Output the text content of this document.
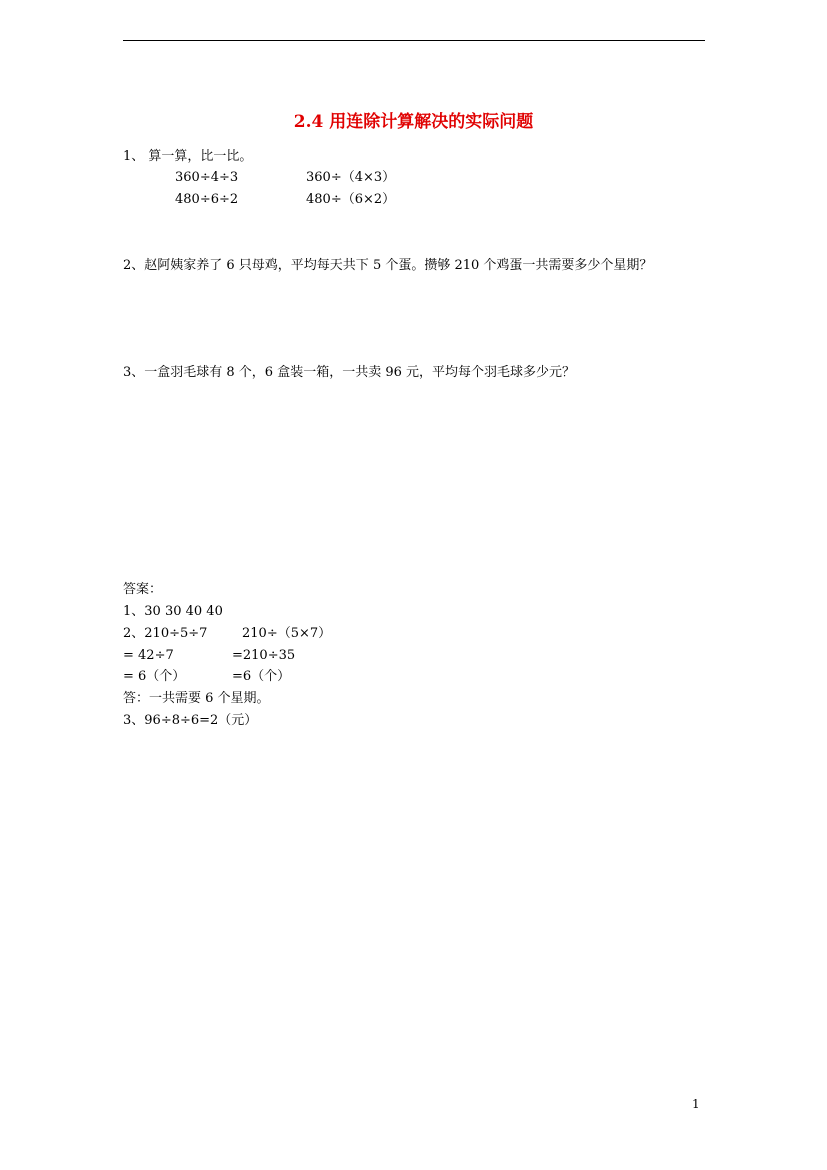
2.4 用连除计算解决的实际问题
1、 算一算，比一比。
360÷4÷3	360÷（4×3）
480÷6÷2	480÷（6×2）
2、赵阿姨家养了 6 只母鸡，平均每天共下 5 个蛋。攒够 210 个鸡蛋一共需要多少个星期？
3、一盒羽毛球有 8 个，6 盒装一箱，一共卖 96 元，平均每个羽毛球多少元？
答案：
1、30 30 40 40
2、210÷5÷7	210÷（5×7）
= 42÷7	=210÷35
= 6（个）	=6（个）
答：一共需要 6 个星期。
3、96÷8÷6=2（元）
1
